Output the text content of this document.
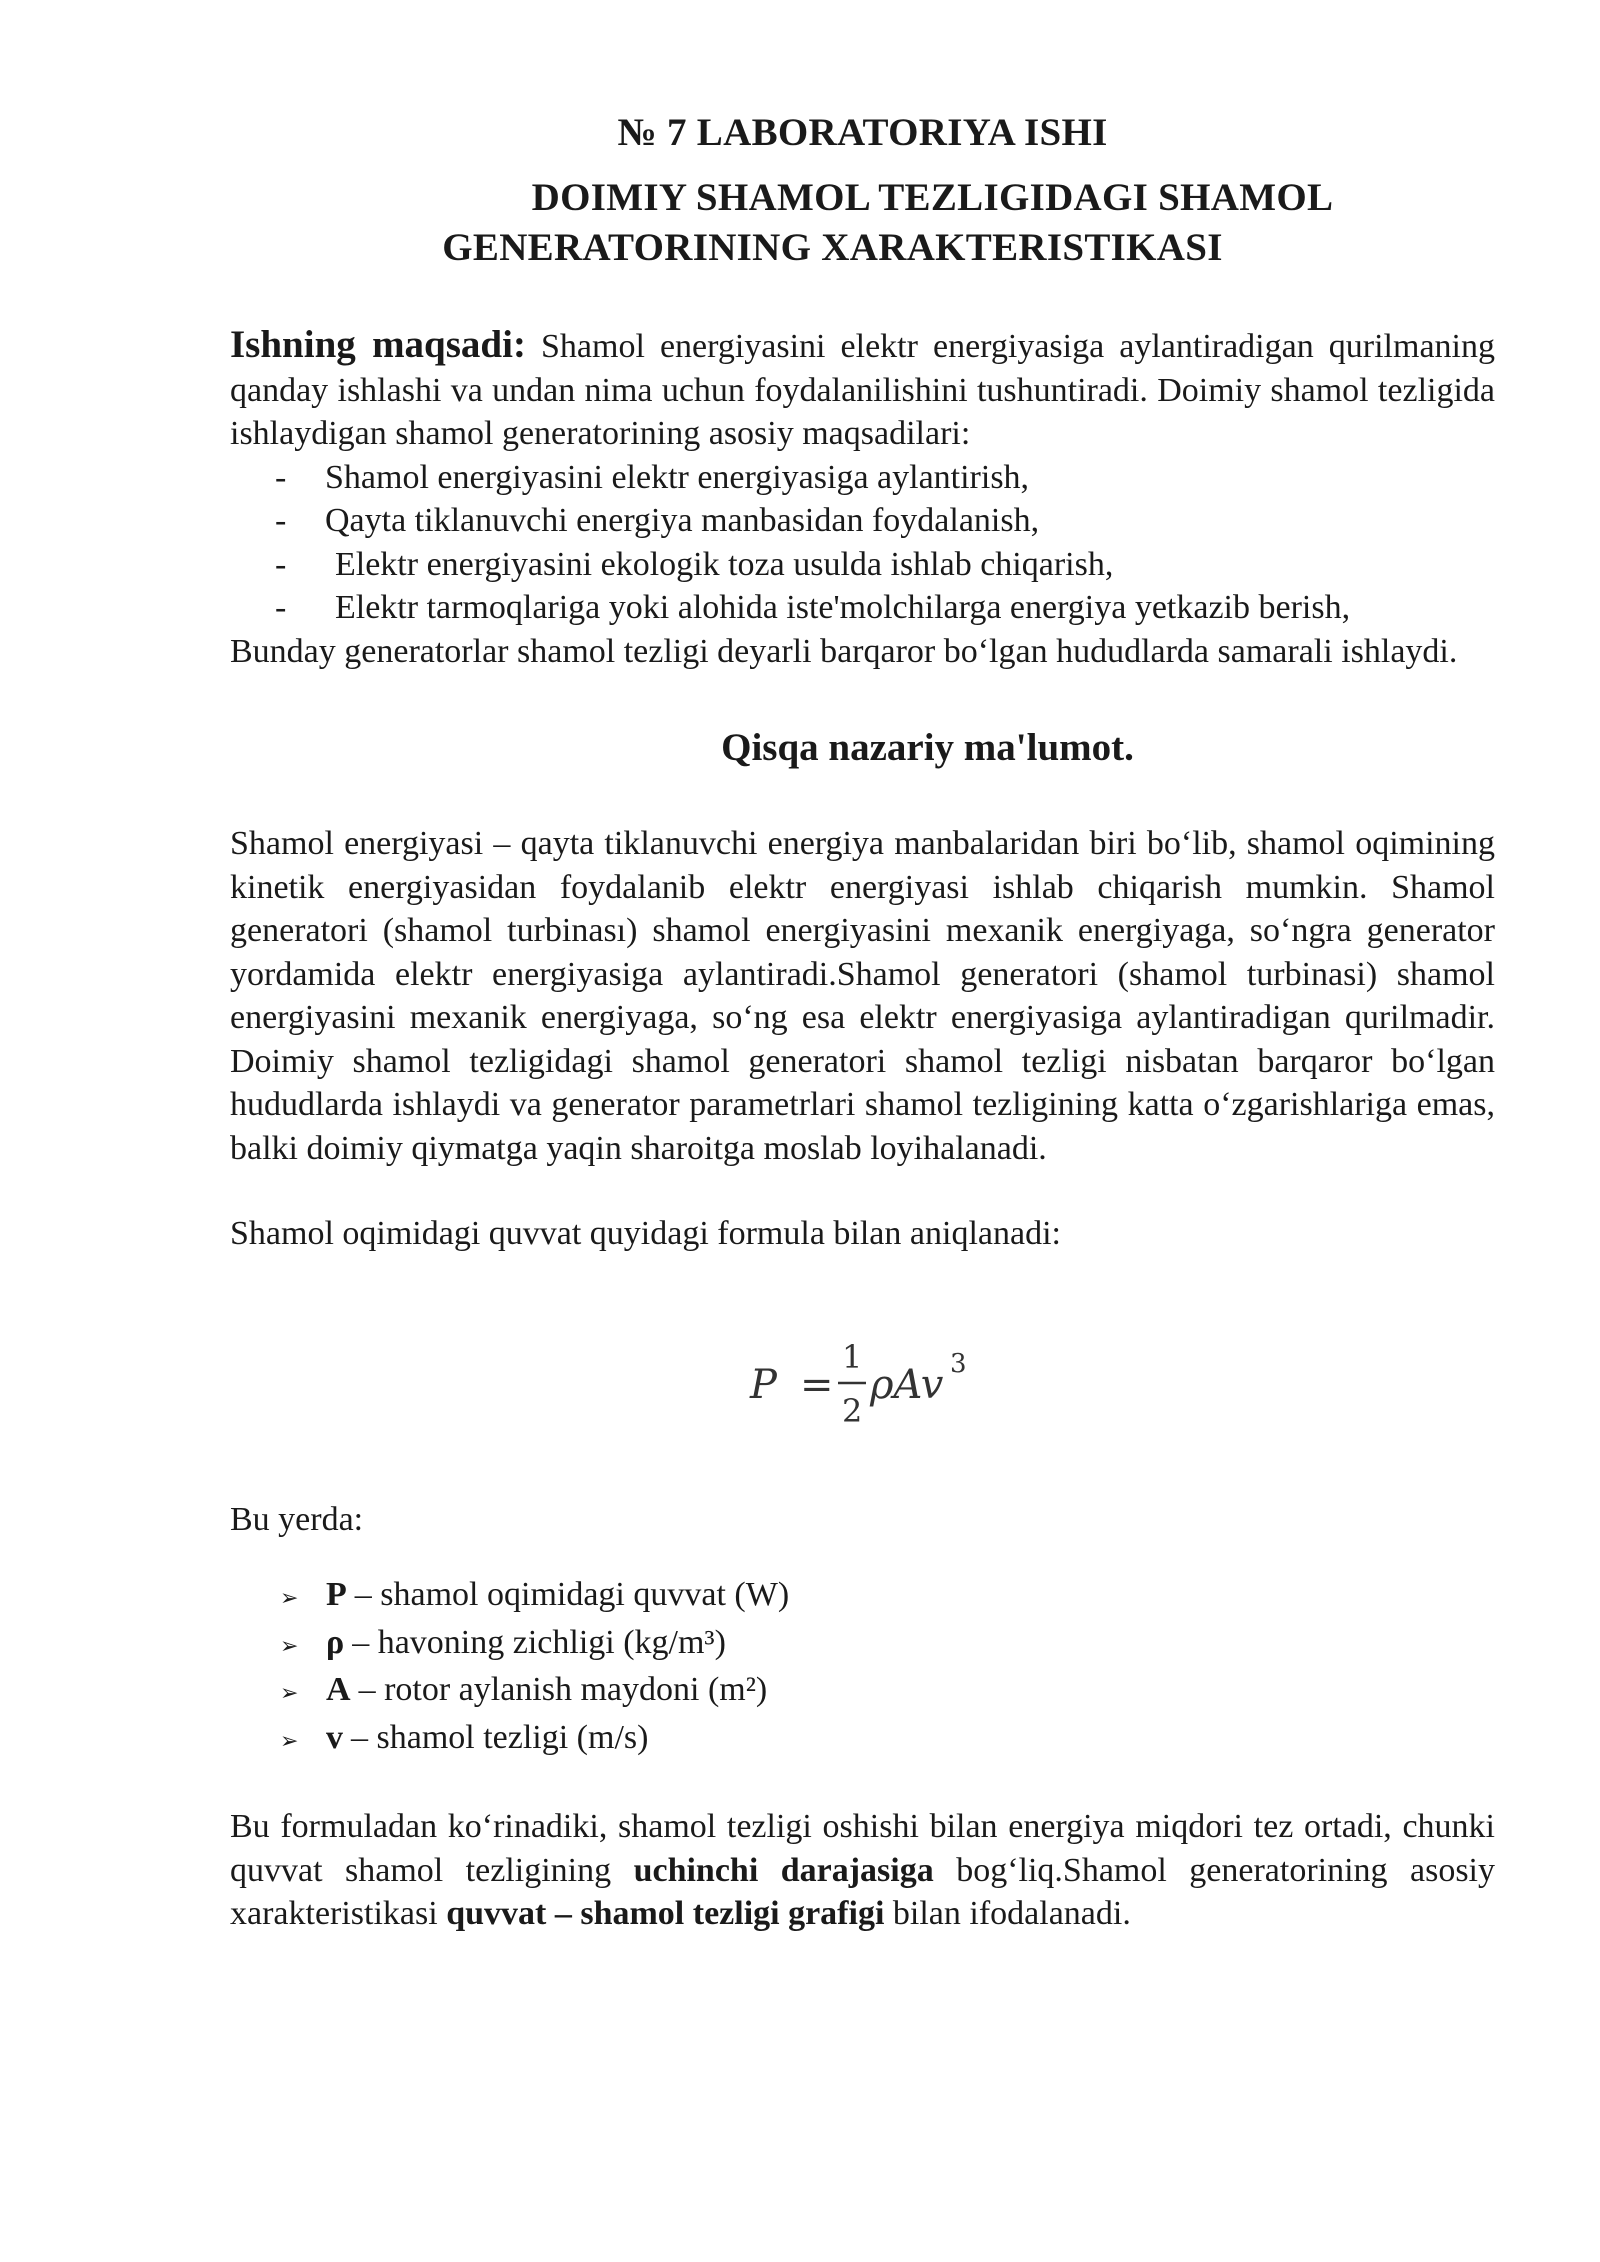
№ 7 LABORATORIYA ISHI
DOIMIY SHAMOL TEZLIGIDAGI SHAMOL
GENERATORINING XARAKTERISTIKASI

Ishning maqsadi: Shamol energiyasini elektr energiyasiga aylantiradigan qurilmaning qanday ishlashi va undan nima uchun foydalanilishini tushuntiradi. Doimiy shamol tezligida ishlaydigan shamol generatorining asosiy maqsadilari:

-	Shamol energiyasini elektr energiyasiga aylantirish,
-	Qayta tiklanuvchi energiya manbasidan foydalanish,
-	Elektr energiyasini ekologik toza usulda ishlab chiqarish,
-	Elektr tarmoqlariga yoki alohida iste'molchilarga energiya yetkazib berish,

Bunday generatorlar shamol tezligi deyarli barqaror bo‘lgan hududlarda samarali ishlaydi.

Qisqa nazariy ma'lumot.

Shamol energiyasi – qayta tiklanuvchi energiya manbalaridan biri bo‘lib, shamol oqimining kinetik energiyasidan foydalanib elektr energiyasi ishlab chiqarish mumkin. Shamol generatori (shamol turbinası) shamol energiyasini mexanik energiyaga, so‘ngra generator yordamida elektr energiyasiga aylantiradi.Shamol generatori (shamol turbinasi) shamol energiyasini mexanik energiyaga, so‘ng esa elektr energiyasiga aylantiradigan qurilmadir. Doimiy shamol tezligidagi shamol generatori shamol tezligi nisbatan barqaror bo‘lgan hududlarda ishlaydi va generator parametrlari shamol tezligining katta o‘zgarishlariga emas, balki doimiy qiymatga yaqin sharoitga moslab loyihalanadi.

Shamol oqimidagi quvvat quyidagi formula bilan aniqlanadi:

P =
1
2
ρAv 3

Bu yerda:

➢ P – shamol oqimidagi quvvat (W)
➢ ρ – havoning zichligi (kg/m³)
➢ A – rotor aylanish maydoni (m²)
➢ v – shamol tezligi (m/s)

Bu formuladan ko‘rinadiki, shamol tezligi oshishi bilan energiya miqdori tez ortadi, chunki quvvat shamol tezligining uchinchi darajasiga bog‘liq.Shamol generatorining asosiy xarakteristikasi quvvat – shamol tezligi grafigi bilan ifodalanadi.
